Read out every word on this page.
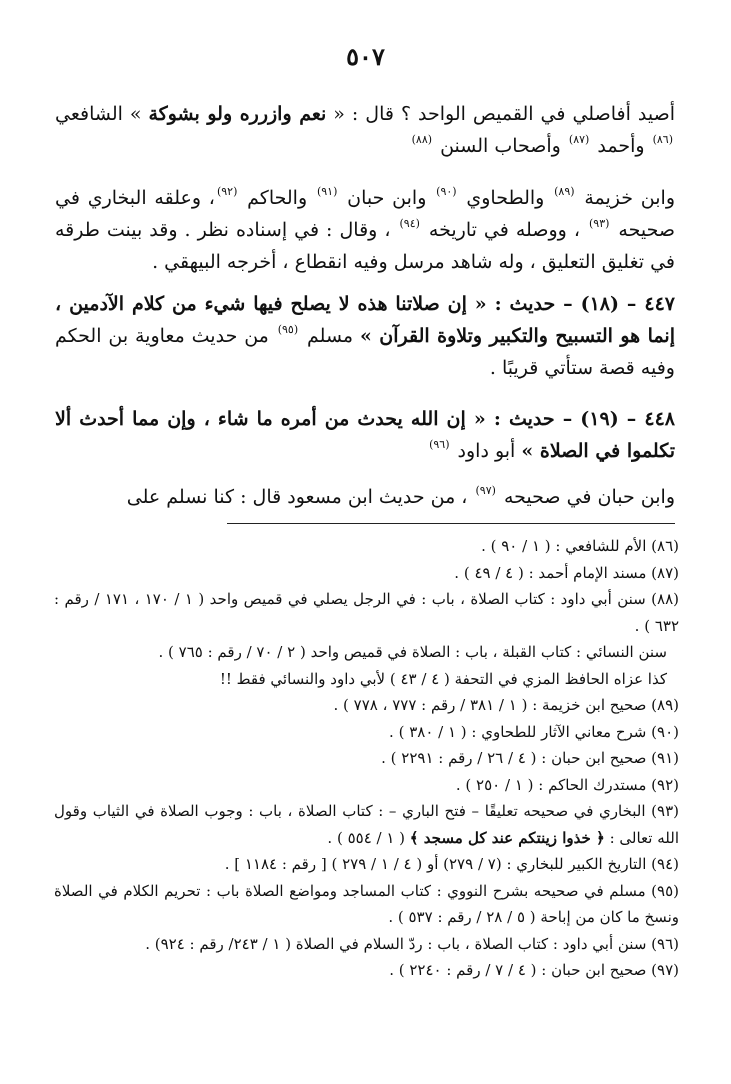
٥٠٧

أصيد أفاصلي في القميص الواحد ؟ قال : « نعم وازرره ولو بشوكة » الشافعي $^{(٨٦)}$ وأحمد $^{(٨٧)}$ وأصحاب السنن $^{(٨٨)}$

وابن خزيمة $^{(٨٩)}$ والطحاوي $^{(٩٠)}$ وابن حبان $^{(٩١)}$ والحاكم $^{(٩٢)}$، وعلقه البخاري في صحيحه $^{(٩٣)}$ ، ووصله في تاريخه $^{(٩٤)}$ ، وقال : في إسناده نظر . وقد بينت طرقه في تغليق التعليق ، وله شاهد مرسل وفيه انقطاع ، أخرجه البيهقي .

٤٤٧ – (١٨) – حديث : « إن صلاتنا هذه لا يصلح فيها شيء من كلام الآدمين ، إنما هو التسبيح والتكبير وتلاوة القرآن » مسلم $^{(٩٥)}$ من حديث معاوية بن الحكم وفيه قصة ستأتي قريبًا .

٤٤٨ – (١٩) – حديث : « إن الله يحدث من أمره ما شاء ، وإن مما أحدث ألا تكلموا في الصلاة » أبو داود $^{(٩٦)}$

وابن حبان في صحيحه $^{(٩٧)}$ ، من حديث ابن مسعود قال : كنا نسلم على

(٨٦) الأم للشافعي : ( ١ / ٩٠ ) .

(٨٧) مسند الإمام أحمد : ( ٤ / ٤٩ ) .

(٨٨) سنن أبي داود : كتاب الصلاة ، باب : في الرجل يصلي في قميص واحد ( ١ / ١٧٠ ، ١٧١ / رقم : ٦٣٢ ) .

سنن النسائي : كتاب القبلة ، باب : الصلاة في قميص واحد ( ٢ / ٧٠ / رقم : ٧٦٥ ) .

كذا عزاه الحافظ المزي في التحفة ( ٤ / ٤٣ ) لأبي داود والنسائي فقط !!

(٨٩) صحيح ابن خزيمة : ( ١ / ٣٨١ / رقم : ٧٧٧ ، ٧٧٨ ) .

(٩٠) شرح معاني الآثار للطحاوي : ( ١ / ٣٨٠ ) .

(٩١) صحيح ابن حبان : ( ٤ / ٢٦ / رقم : ٢٢٩١ ) .

(٩٢) مستدرك الحاكم : ( ١ / ٢٥٠ ) .

(٩٣) البخاري في صحيحه تعليقًا – فتح الباري – : كتاب الصلاة ، باب : وجوب الصلاة في الثياب وقول الله تعالى : ﴿ خذوا زينتكم عند كل مسجد ﴾ ( ١ / ٥٥٤ ) .

(٩٤) التاريخ الكبير للبخاري : (٧ / ٢٧٩) أو ( ٤ / ١ / ٢٧٩ ) [ رقم : ١١٨٤ ] .

(٩٥) مسلم في صحيحه بشرح النووي : كتاب المساجد ومواضع الصلاة باب : تحريم الكلام في الصلاة ونسخ ما كان من إباحة ( ٥ / ٢٨ / رقم : ٥٣٧ ) .

(٩٦) سنن أبي داود : كتاب الصلاة ، باب : ردّ السلام في الصلاة ( ١ / ٢٤٣/ رقم : ٩٢٤) .

(٩٧) صحيح ابن حبان : ( ٤ / ٧ / رقم : ٢٢٤٠ ) .
